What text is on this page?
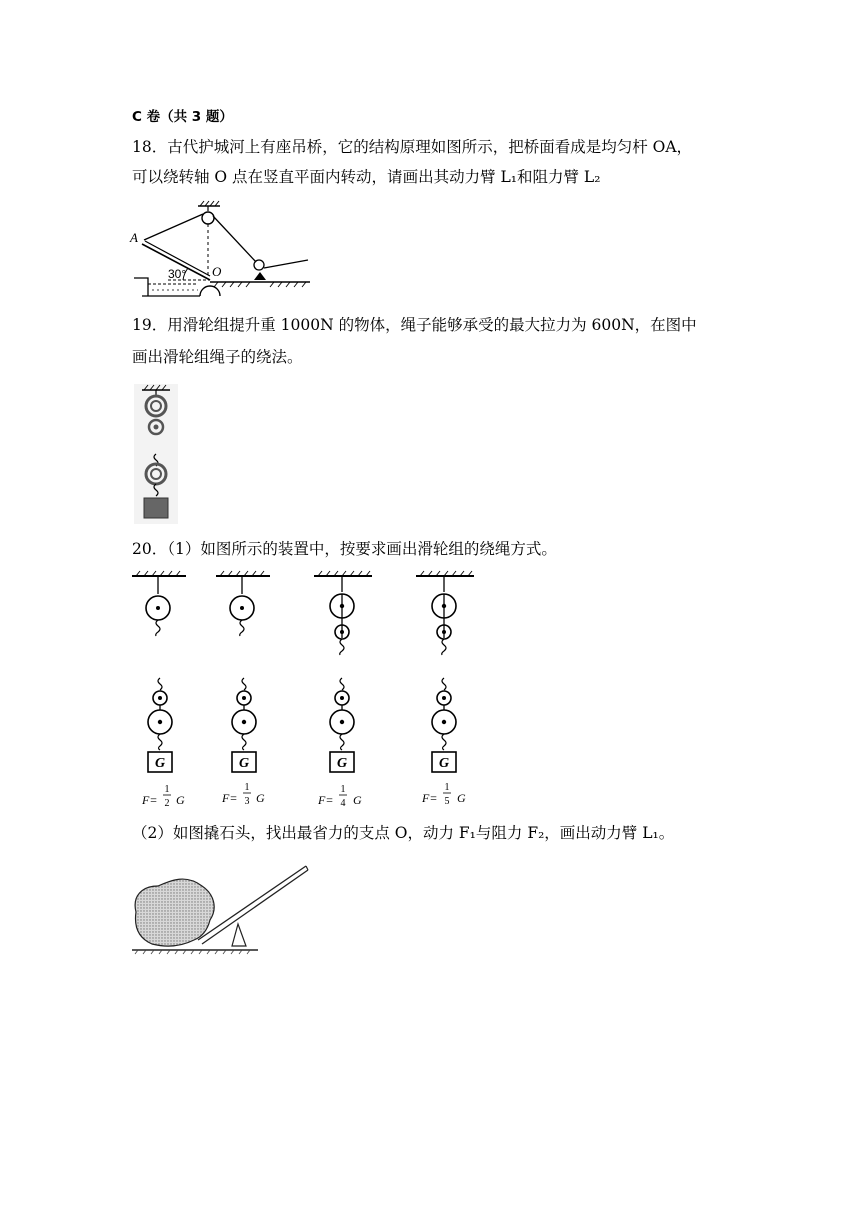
C 卷（共 3 题）
18．古代护城河上有座吊桥，它的结构原理如图所示，把桥面看成是均匀杆 OA，
可以绕转轴 O 点在竖直平面内转动，请画出其动力臂 L₁和阻力臂 L₂
A
O
30°
19．用滑轮组提升重 1000N 的物体，绳子能够承受的最大拉力为 600N，在图中
画出滑轮组绳子的绕法。
20．（1）如图所示的装置中，按要求画出滑轮组的绕绳方式。
G	G	G	G
F=
1
2 G	F=
1
3 G	F=
1
4 G	F=
1
5 G
（2）如图撬石头，找出最省力的支点 O，动力 F₁与阻力 F₂，画出动力臂 L₁。
